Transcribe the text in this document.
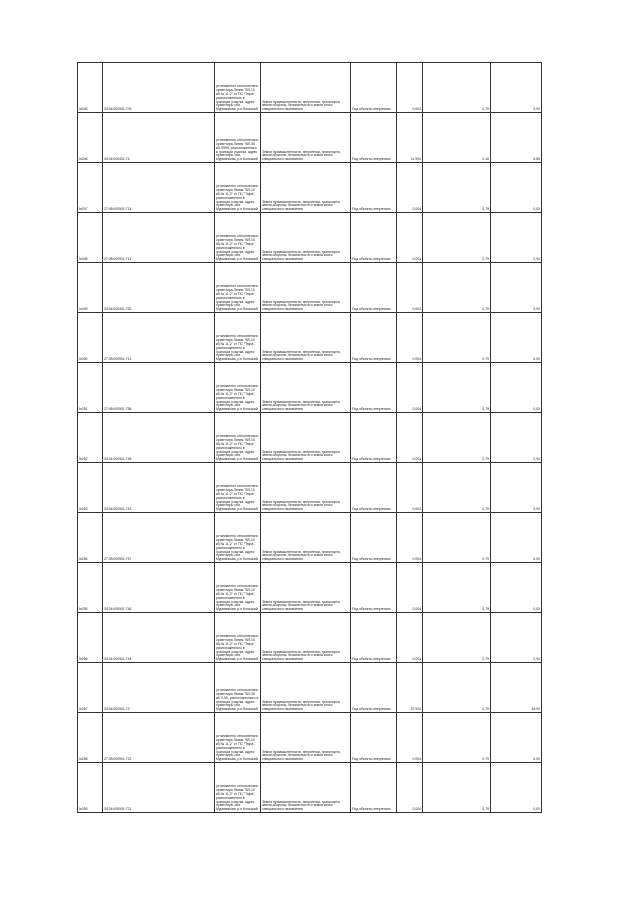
Ін245	3/104:000901:709	установлено относительно ориентира Линия "ВЛ-10 кВ № 11,2" от ПС "Тюра", расположенного в границах участка. адрес ориентира: обл. Мурманская, р-н Кольский	Земли промышленности, энергетики, транспорта, земли обороны, безопасности и земли иного специального назначения	Под объекты энергетики	0,004	0,79	0,00
Ін246	3/104:000401:74	установлено относительно ориентира Линия "ВЛ-35 кВ ЛЛ95, расположенного в границах участка. адрес ориентира: обл. Мурманская, р-н Кольский	Земли промышленности, энергетики, транспорта, земли обороны, безопасности и земли иного специального назначения	Под объекты энергетики	11,904	0,16	6,85
Ін247	27:08:000901:714	установлено относительно ориентира Линия "ВЛ-10 кВ № 11,2" от ПС "Тюра", расположенного в границах участка. адрес ориентира: обл. Мурманская, р-н Кольский	Земли промышленности, энергетики, транспорта, земли обороны, безопасности и земли иного специального назначения	Под объекты энергетики	0,004	0,79	0,00
Ін248	27:08:000901:711	установлено относительно ориентира Линия "ВЛ-10 кВ № 11,2" от ПС "Тюра", расположенного в границах участка. адрес ориентира: обл. Мурманская, р-н Кольский	Земли промышленности, энергетики, транспорта, земли обороны, безопасности и земли иного специального назначения	Под объекты энергетики	0,004	0,79	0,00
Ін249	3/104:000401:752	установлено относительно ориентира Линия "ВЛ-10 кВ № 11,2" от ПС "Тюра", расположенного в границах участка. адрес ориентира: обл. Мурманская, р-н Кольский	Земли промышленности, энергетики, транспорта, земли обороны, безопасности и земли иного специального назначения	Под объекты энергетики	0,004	0,79	0,00
Ін250	27:08:000901:712	установлено относительно ориентира Линия "ВЛ-10 кВ № 11,2" от ПС "Тюра", расположенного в границах участка. адрес ориентира: обл. Мурманская, р-н Кольский	Земли промышленности, энергетики, транспорта, земли обороны, безопасности и земли иного специального назначения	Под объекты энергетики	0,004	0,79	0,00
Ін251	27:08:000901:758	установлено относительно ориентира Линия "ВЛ-10 кВ № 11,2" от ПС "Тюра", расположенного в границах участка. адрес ориентира: обл. Мурманская, р-н Кольский	Земли промышленности, энергетики, транспорта, земли обороны, безопасности и земли иного специального назначения	Под объекты энергетики	0,004	0,79	0,00
Ін252	3/104:000901:748	установлено относительно ориентира Линия "ВЛ-10 кВ № 11,2" от ПС "Тюра", расположенного в границах участка. адрес ориентира: обл. Мурманская, р-н Кольский	Земли промышленности, энергетики, транспорта, земли обороны, безопасности и земли иного специального назначения	Под объекты энергетики	0,004	0,79	0,00
Ін253	3/104:000901:715	установлено относительно ориентира Линия "ВЛ-10 кВ № 11,2" от ПС "Тюра", расположенного в границах участка. адрес ориентира: обл. Мурманская, р-н Кольский	Земли промышленности, энергетики, транспорта, земли обороны, безопасности и земли иного специального назначения	Под объекты энергетики	0,004	0,79	0,00
Ін254	27:08:000901:757	установлено относительно ориентира Линия "ВЛ-10 кВ № 11,2" от ПС "Тюра", расположенного в границах участка. адрес ориентира: обл. Мурманская, р-н Кольский	Земли промышленности, энергетики, транспорта, земли обороны, безопасности и земли иного специального назначения	Под объекты энергетики	0,004	0,79	0,00
Ін255	3/104:000901:746	установлено относительно ориентира Линия "ВЛ-10 кВ № 11,2" от ПС "Тюра", расположенного в границах участка. адрес ориентира: обл. Мурманская, р-н Кольский	Земли промышленности, энергетики, транспорта, земли обороны, безопасности и земли иного специального назначения	Под объекты энергетики	0,004	0,79	0,00
Ін256	3/104:000901:744	установлено относительно ориентира Линия "ВЛ-10 кВ № 11,2" от ПС "Тюра", расположенного в границах участка. адрес ориентира: обл. Мурманская, р-н Кольский	Земли промышленности, энергетики, транспорта, земли обороны, безопасности и земли иного специального назначения	Под объекты энергетики	0,004	0,79	0,00
Ін257	3/104:000901:73	установлено относительно ориентира Линия "ВЛ-35 кВ Л-95, расположенного в границах участка. адрес ориентира: обл. Мурманская, р-н Кольский	Земли промышленности, энергетики, транспорта, земли обороны, безопасности и земли иного специального назначения	Под объекты энергетики	57,904	0,79	45,00
Ін258	27:08:000901:722	установлено относительно ориентира Линия "ВЛ-10 кВ № 11,2" от ПС "Тюра", расположенного в границах участка. адрес ориентира: обл. Мурманская, р-н Кольский	Земли промышленности, энергетики, транспорта, земли обороны, безопасности и земли иного специального назначения	Под объекты энергетики	0,004	0,79	0,00
Ін259	3/104:000901:721	установлено относительно ориентира Линия "ВЛ-10 кВ № 11,2" от ПС "Тюра", расположенного в границах участка. адрес ориентира: обл. Мурманская, р-н Кольский	Земли промышленности, энергетики, транспорта, земли обороны, безопасности и земли иного специального назначения	Под объекты энергетики	0,004	0,79	0,00
